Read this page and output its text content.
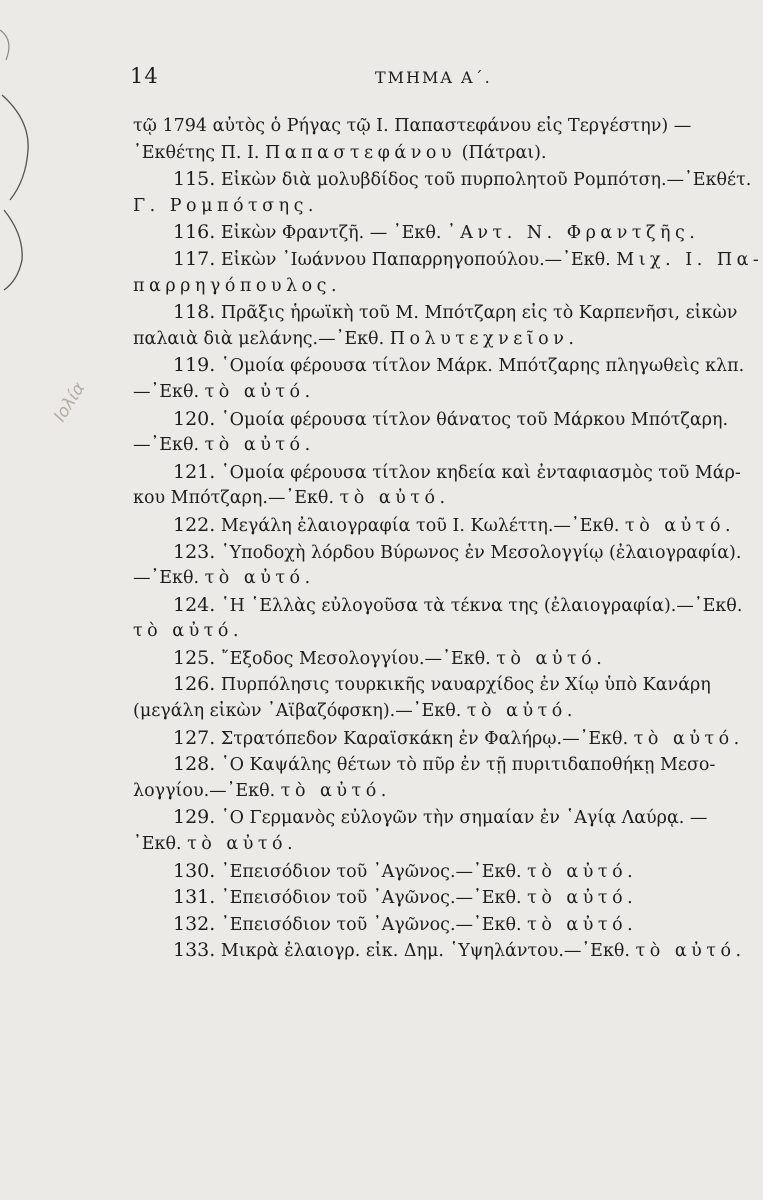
14	ΤΜΗΜΑ Α΄.
Ιολία
τῷ 1794 αὐτὸς ὁ Ρήγας τῷ Ι. Παπαστεφάνου εἰς Τεργέστην) —
᾿Εκθέτης Π. Ι. Παπαστεφάνου (Πάτραι).
115. Εἰκὼν διὰ μολυβδίδος τοῦ πυρπολητοῦ Ρομπότση.—᾿Εκθέτ.
Γ. Ρομπότσης.
116. Εἰκὼν Φραντζῆ. — ᾿Εκθ. ᾿Αντ. Ν. Φραντζῆς.
117. Εἰκὼν ᾿Ιωάννου Παπαρρηγοπούλου.—᾿Εκθ. Μιχ. Ι. Πα-
παρρηγόπουλος.
118. Πρᾶξις ἡρωϊκὴ τοῦ Μ. Μπότζαρη εἰς τὸ Καρπενῆσι, εἰκὼν
παλαιὰ διὰ μελάνης.—᾿Εκθ. Πολυτεχνεῖον.
119. ῾Ομοία φέρουσα τίτλον Μάρκ. Μπότζαρης πληγωθεὶς κλπ.
—᾿Εκθ. τὸ αὐτό.
120. ῾Ομοία φέρουσα τίτλον θάνατος τοῦ Μάρκου Μπότζαρη.
—᾿Εκθ. τὸ αὐτό.
121. ῾Ομοία φέρουσα τίτλον κηδεία καὶ ἐνταφιασμὸς τοῦ Μάρ-
κου Μπότζαρη.—᾿Εκθ. τὸ αὐτό.
122. Μεγάλη ἐλαιογραφία τοῦ Ι. Κωλέττη.—᾿Εκθ. τὸ αὐτό.
123. ῾Υποδοχὴ λόρδου Βύρωνος ἐν Μεσολογγίῳ (ἐλαιογραφία).
—᾿Εκθ. τὸ αὐτό.
124. ῾Η ῾Ελλὰς εὐλογοῦσα τὰ τέκνα της (ἐλαιογραφία).—᾿Εκθ.
τὸ αὐτό.
125. ῎Εξοδος Μεσολογγίου.—᾿Εκθ. τὸ αὐτό.
126. Πυρπόλησις τουρκικῆς ναυαρχίδος ἐν Χίῳ ὑπὸ Κανάρη
(μεγάλη εἰκὼν ᾿Αϊβαζόφσκη).—᾿Εκθ. τὸ αὐτό.
127. Στρατόπεδον Καραϊσκάκη ἐν Φαλήρῳ.—᾿Εκθ. τὸ αὐτό.
128. ῾Ο Καψάλης θέτων τὸ πῦρ ἐν τῇ πυριτιδαποθήκῃ Μεσο-
λογγίου.—᾿Εκθ. τὸ αὐτό.
129. ῾Ο Γερμανὸς εὐλογῶν τὴν σημαίαν ἐν ῾Αγίᾳ Λαύρᾳ. —
᾿Εκθ. τὸ αὐτό.
130. ᾿Επεισόδιον τοῦ ᾿Αγῶνος.—᾿Εκθ. τὸ αὐτό.
131. ᾿Επεισόδιον τοῦ ᾿Αγῶνος.—᾿Εκθ. τὸ αὐτό.
132. ᾿Επεισόδιον τοῦ ᾿Αγῶνος.—᾿Εκθ. τὸ αὐτό.
133. Μικρὰ ἐλαιογρ. εἰκ. Δημ. ῾Υψηλάντου.—᾿Εκθ. τὸ αὐτό.
